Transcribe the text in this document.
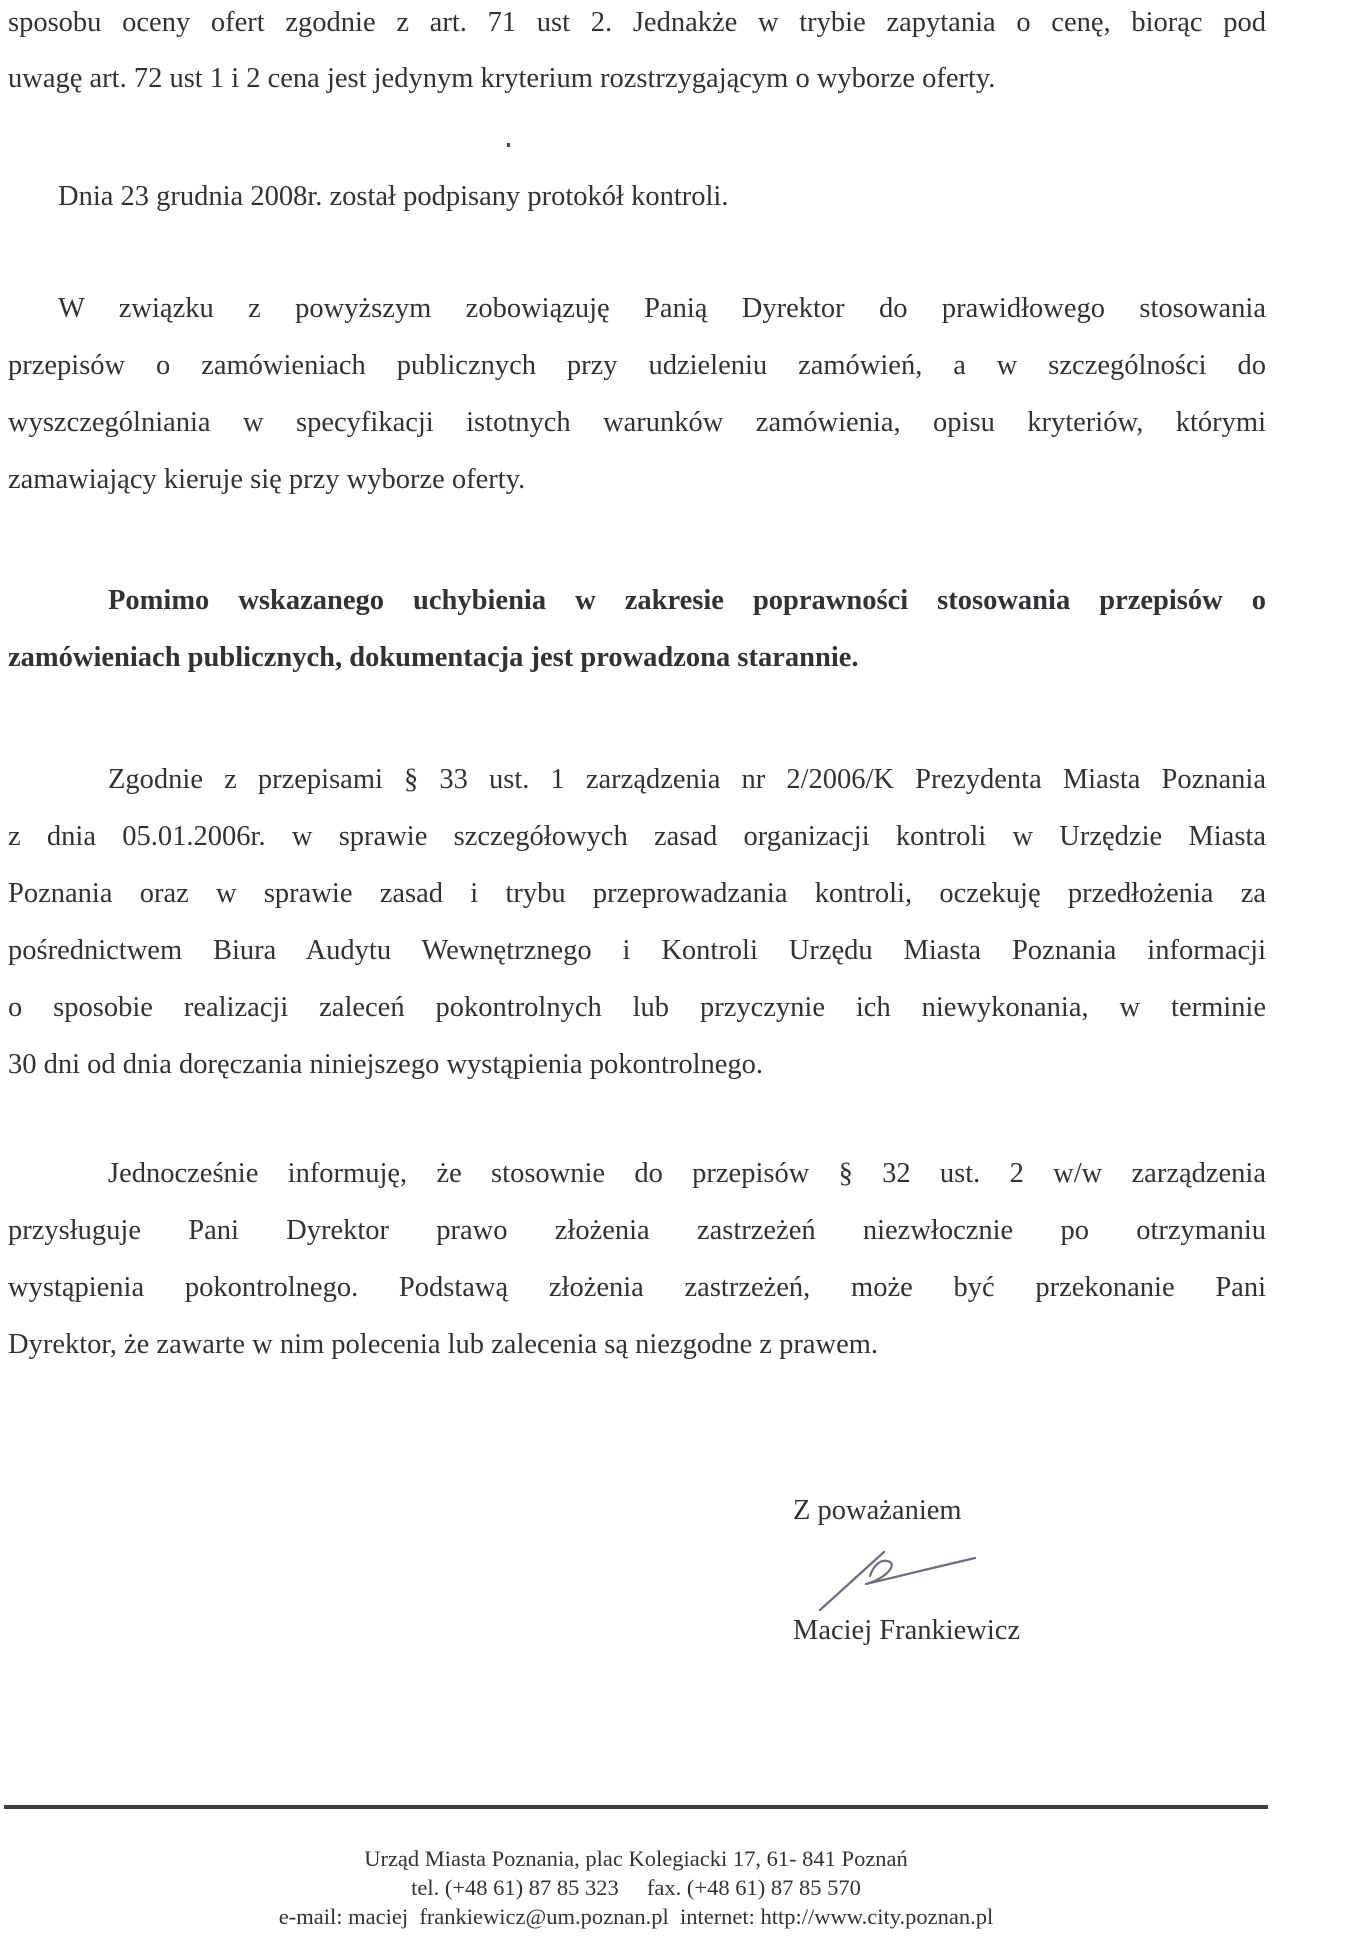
sposobu oceny ofert zgodnie z art. 71 ust 2. Jednakże w trybie zapytania o cenę, biorąc pod
uwagę art. 72 ust 1 i 2 cena jest jedynym kryterium rozstrzygającym o wyborze oferty.
Dnia 23 grudnia 2008r. został podpisany protokół kontroli.
W związku z powyższym zobowiązuję Panią Dyrektor do prawidłowego stosowania
przepisów o zamówieniach publicznych przy udzieleniu zamówień, a w szczególności do
wyszczególniania w specyfikacji istotnych warunków zamówienia, opisu kryteriów, którymi
zamawiający kieruje się przy wyborze oferty.
Pomimo wskazanego uchybienia w zakresie poprawności stosowania przepisów o
zamówieniach publicznych, dokumentacja jest prowadzona starannie.
Zgodnie z przepisami § 33 ust. 1 zarządzenia nr 2/2006/K Prezydenta Miasta Poznania
z dnia 05.01.2006r. w sprawie szczegółowych zasad organizacji kontroli w Urzędzie Miasta
Poznania oraz w sprawie zasad i trybu przeprowadzania kontroli, oczekuję przedłożenia za
pośrednictwem Biura Audytu Wewnętrznego i Kontroli Urzędu Miasta Poznania informacji
o sposobie realizacji zaleceń pokontrolnych lub przyczynie ich niewykonania, w terminie
30 dni od dnia doręczania niniejszego wystąpienia pokontrolnego.
Jednocześnie informuję, że stosownie do przepisów § 32 ust. 2 w/w zarządzenia
przysługuje Pani Dyrektor prawo złożenia zastrzeżeń niezwłocznie po otrzymaniu
wystąpienia pokontrolnego. Podstawą złożenia zastrzeżeń, może być przekonanie Pani
Dyrektor, że zawarte w nim polecenia lub zalecenia są niezgodne z prawem.
Z poważaniem
Maciej Frankiewicz
Urząd Miasta Poznania, plac Kolegiacki 17, 61- 841 Poznań
tel. (+48 61) 87 85 323     fax. (+48 61) 87 85 570
e-mail: maciej  frankiewicz@um.poznan.pl  internet: http://www.city.poznan.pl
